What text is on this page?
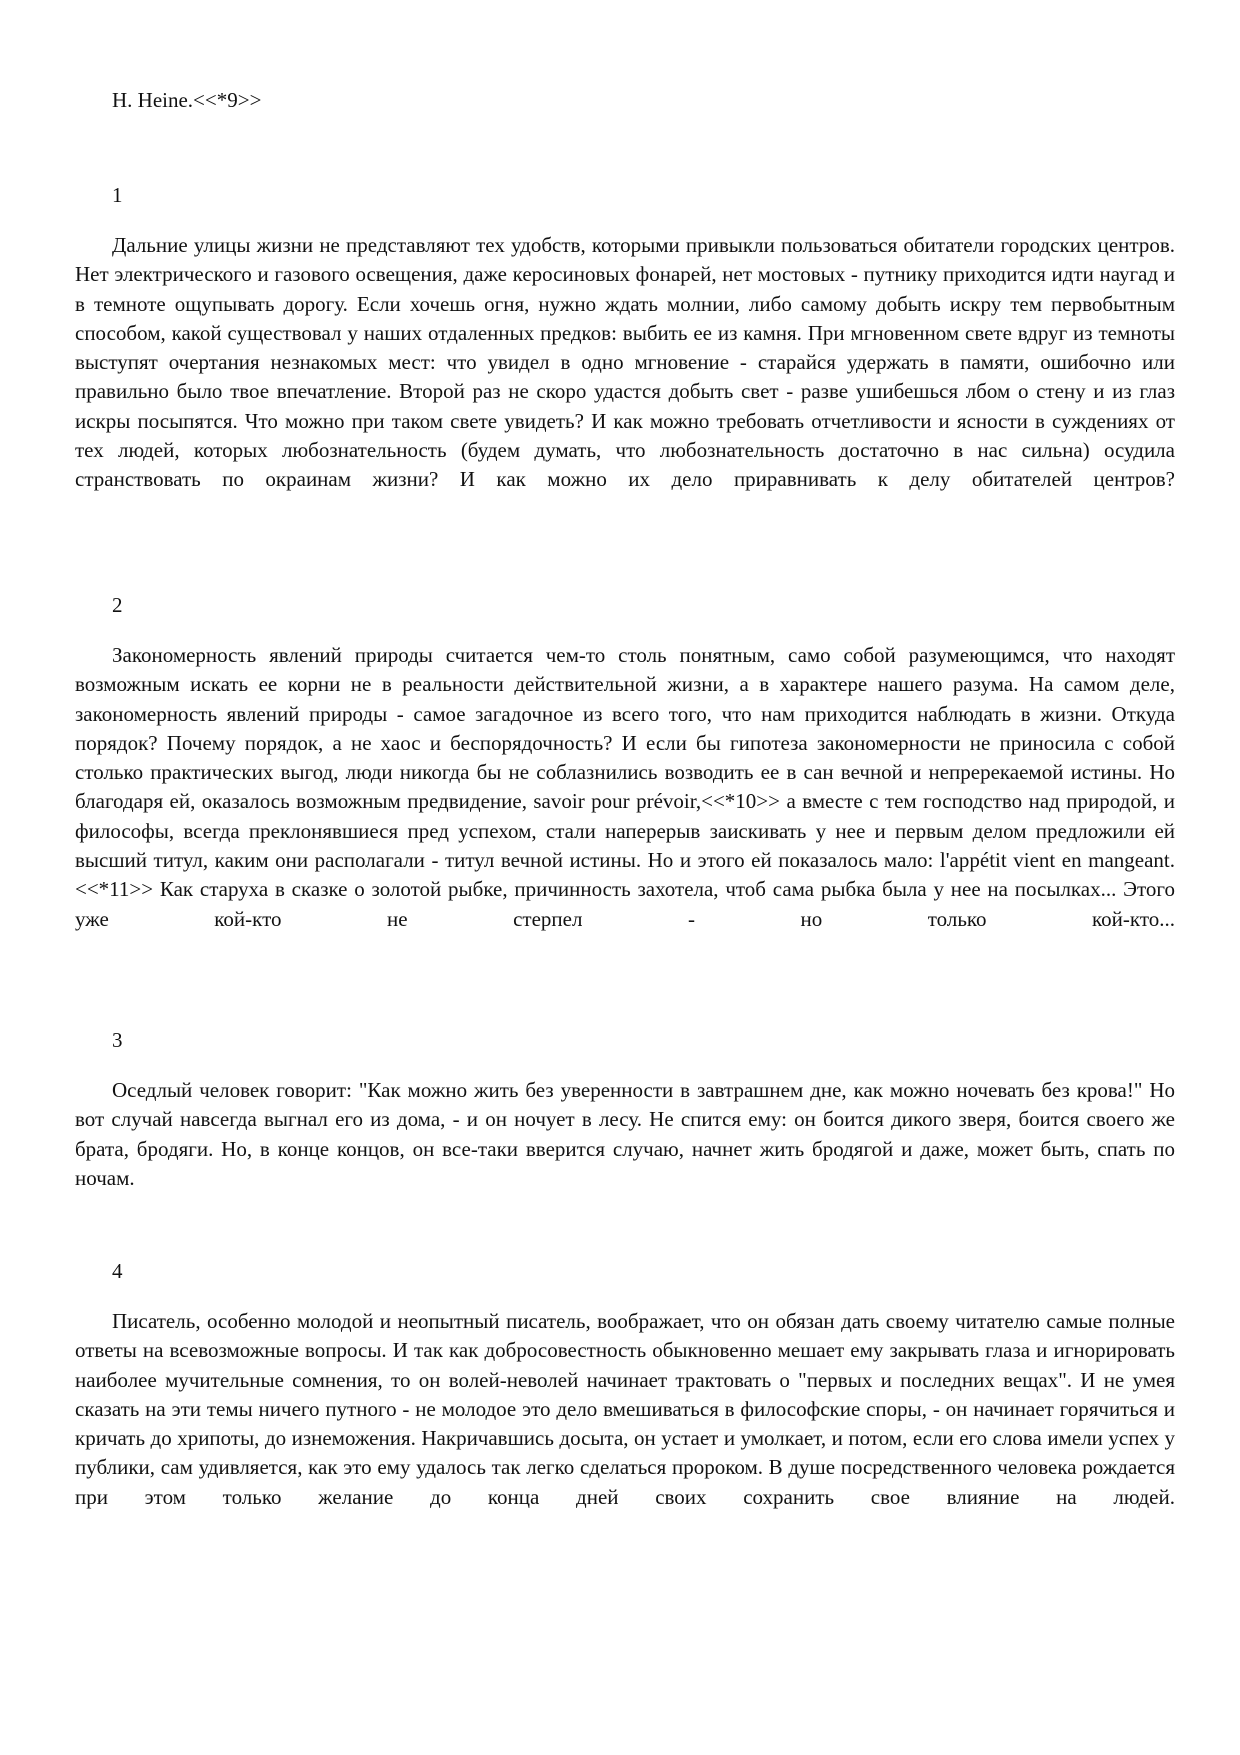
H. Heine.<<*9>>
1

Дальние улицы жизни не представляют тех удобств, которыми привыкли пользоваться обитатели городских центров. Нет электрического и газового освещения, даже керосиновых фонарей, нет мостовых - путнику приходится идти наугад и в темноте ощупывать дорогу. Если хочешь огня, нужно ждать молнии, либо самому добыть искру тем первобытным способом, какой существовал у наших отдаленных предков: выбить ее из камня. При мгновенном свете вдруг из темноты выступят очертания незнакомых мест: что увидел в одно мгновение - старайся удержать в памяти, ошибочно или правильно было твое впечатление. Второй раз не скоро удастся добыть свет - разве ушибешься лбом о стену и из глаз искры посыпятся. Что можно при таком свете увидеть? И как можно требовать отчетливости и ясности в суждениях от тех людей, которых любознательность (будем думать, что любознательность достаточно в нас сильна) осудила странствовать по окраинам жизни? И как можно их дело приравнивать к делу обитателей центров?

2

Закономерность явлений природы считается чем-то столь понятным, само собой разумеющимся, что находят возможным искать ее корни не в реальности действительной жизни, а в характере нашего разума. На самом деле, закономерность явлений природы - самое загадочное из всего того, что нам приходится наблюдать в жизни. Откуда порядок? Почему порядок, а не хаос и беспорядочность? И если бы гипотеза закономерности не приносила с собой столько практических выгод, люди никогда бы не соблазнились возводить ее в сан вечной и непререкаемой истины. Но благодаря ей, оказалось возможным предвидение, savoir pour prévoir,<<*10>> а вместе с тем господство над природой, и философы, всегда преклонявшиеся пред успехом, стали наперерыв заискивать у нее и первым делом предложили ей высший титул, каким они располагали - титул вечной истины. Но и этого ей показалось мало: l'appétit vient en mangeant.<<*11>> Как старуха в сказке о золотой рыбке, причинность захотела, чтоб сама рыбка была у нее на посылках... Этого уже кой-кто не стерпел - но только кой-кто...

3

Оседлый человек говорит: "Как можно жить без уверенности в завтрашнем дне, как можно ночевать без крова!" Но вот случай навсегда выгнал его из дома, - и он ночует в лесу. Не спится ему: он боится дикого зверя, боится своего же брата, бродяги. Но, в конце концов, он все-таки вверится случаю, начнет жить бродягой и даже, может быть, спать по ночам.

4

Писатель, особенно молодой и неопытный писатель, воображает, что он обязан дать своему читателю самые полные ответы на всевозможные вопросы. И так как добросовестность обыкновенно мешает ему закрывать глаза и игнорировать наиболее мучительные сомнения, то он волей-неволей начинает трактовать о "первых и последних вещах". И не умея сказать на эти темы ничего путного - не молодое это дело вмешиваться в философские споры, - он начинает горячиться и кричать до хрипоты, до изнеможения. Накричавшись досыта, он устает и умолкает, и потом, если его слова имели успех у публики, сам удивляется, как это ему удалось так легко сделаться пророком. В душе посредственного человека рождается при этом только желание до конца дней своих сохранить свое влияние на людей.
